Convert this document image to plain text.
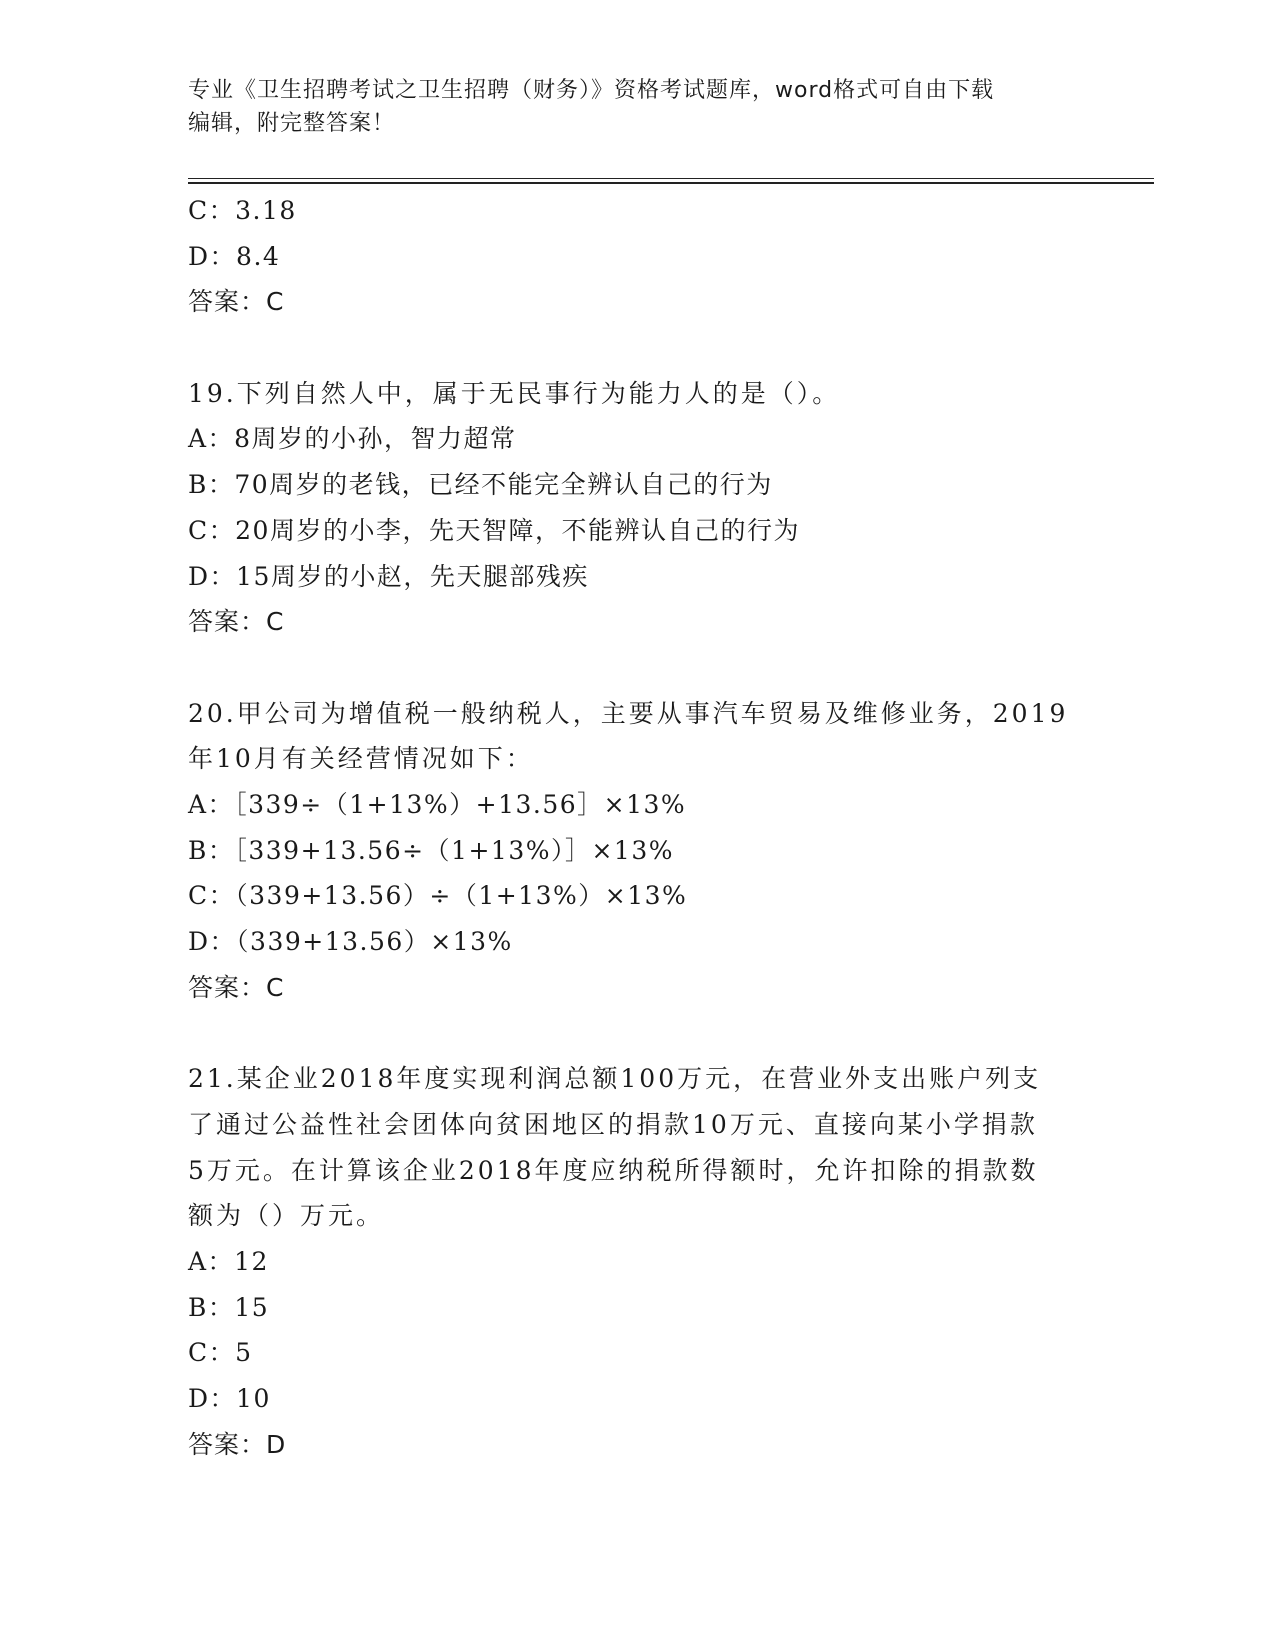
专业《卫生招聘考试之卫生招聘（财务）》资格考试题库，word格式可自由下载
编辑，附完整答案！
C：3.18
D：8.4
答案：C
19.下列自然人中，属于无民事行为能力人的是（）。
A：8周岁的小孙，智力超常
B：70周岁的老钱，已经不能完全辨认自己的行为
C：20周岁的小李，先天智障，不能辨认自己的行为
D：15周岁的小赵，先天腿部残疾
答案：C
20.甲公司为增值税一般纳税人，主要从事汽车贸易及维修业务，2019
年10月有关经营情况如下：
A：［339÷（1+13%）+13.56］×13%
B：［339+13.56÷（1+13%）］×13%
C：（339+13.56）÷（1+13%）×13%
D：（339+13.56）×13%
答案：C
21.某企业2018年度实现利润总额100万元，在营业外支出账户列支
了通过公益性社会团体向贫困地区的捐款10万元、直接向某小学捐款
5万元。在计算该企业2018年度应纳税所得额时，允许扣除的捐款数
额为（）万元。
A：12
B：15
C：5
D：10
答案：D
